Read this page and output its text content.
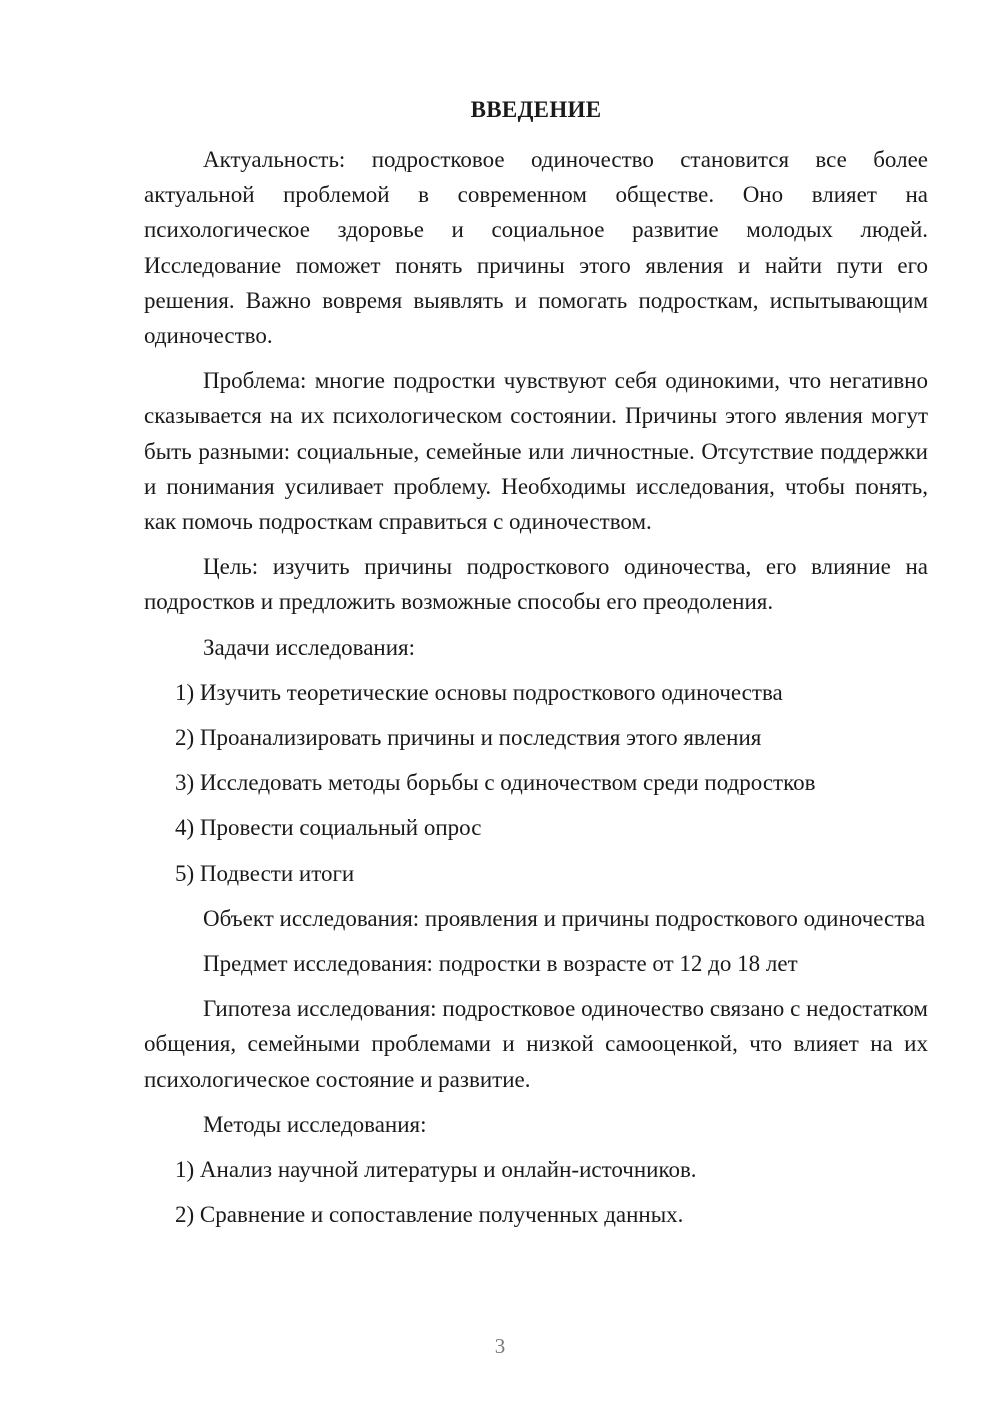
ВВЕДЕНИЕ

Актуальность: подростковое одиночество становится все более актуальной проблемой в современном обществе. Оно влияет на психологическое здоровье и социальное развитие молодых людей. Исследование поможет понять причины этого явления и найти пути его решения. Важно вовремя выявлять и помогать подросткам, испытывающим одиночество.

Проблема: многие подростки чувствуют себя одинокими, что негативно сказывается на их психологическом состоянии. Причины этого явления могут быть разными: социальные, семейные или личностные. Отсутствие поддержки и понимания усиливает проблему. Необходимы исследования, чтобы понять, как помочь подросткам справиться с одиночеством.

Цель: изучить причины подросткового одиночества, его влияние на подростков и предложить возможные способы его преодоления.

Задачи исследования:

1) Изучить теоретические основы подросткового одиночества
2) Проанализировать причины и последствия этого явления
3) Исследовать методы борьбы с одиночеством среди подростков
4) Провести социальный опрос
5) Подвести итоги

Объект исследования: проявления и причины подросткового одиночества

Предмет исследования: подростки в возрасте от 12 до 18 лет

Гипотеза исследования: подростковое одиночество связано с недостатком общения, семейными проблемами и низкой самооценкой, что влияет на их психологическое состояние и развитие.

Методы исследования:

1) Анализ научной литературы и онлайн-источников.
2) Сравнение и сопоставление полученных данных.
3
